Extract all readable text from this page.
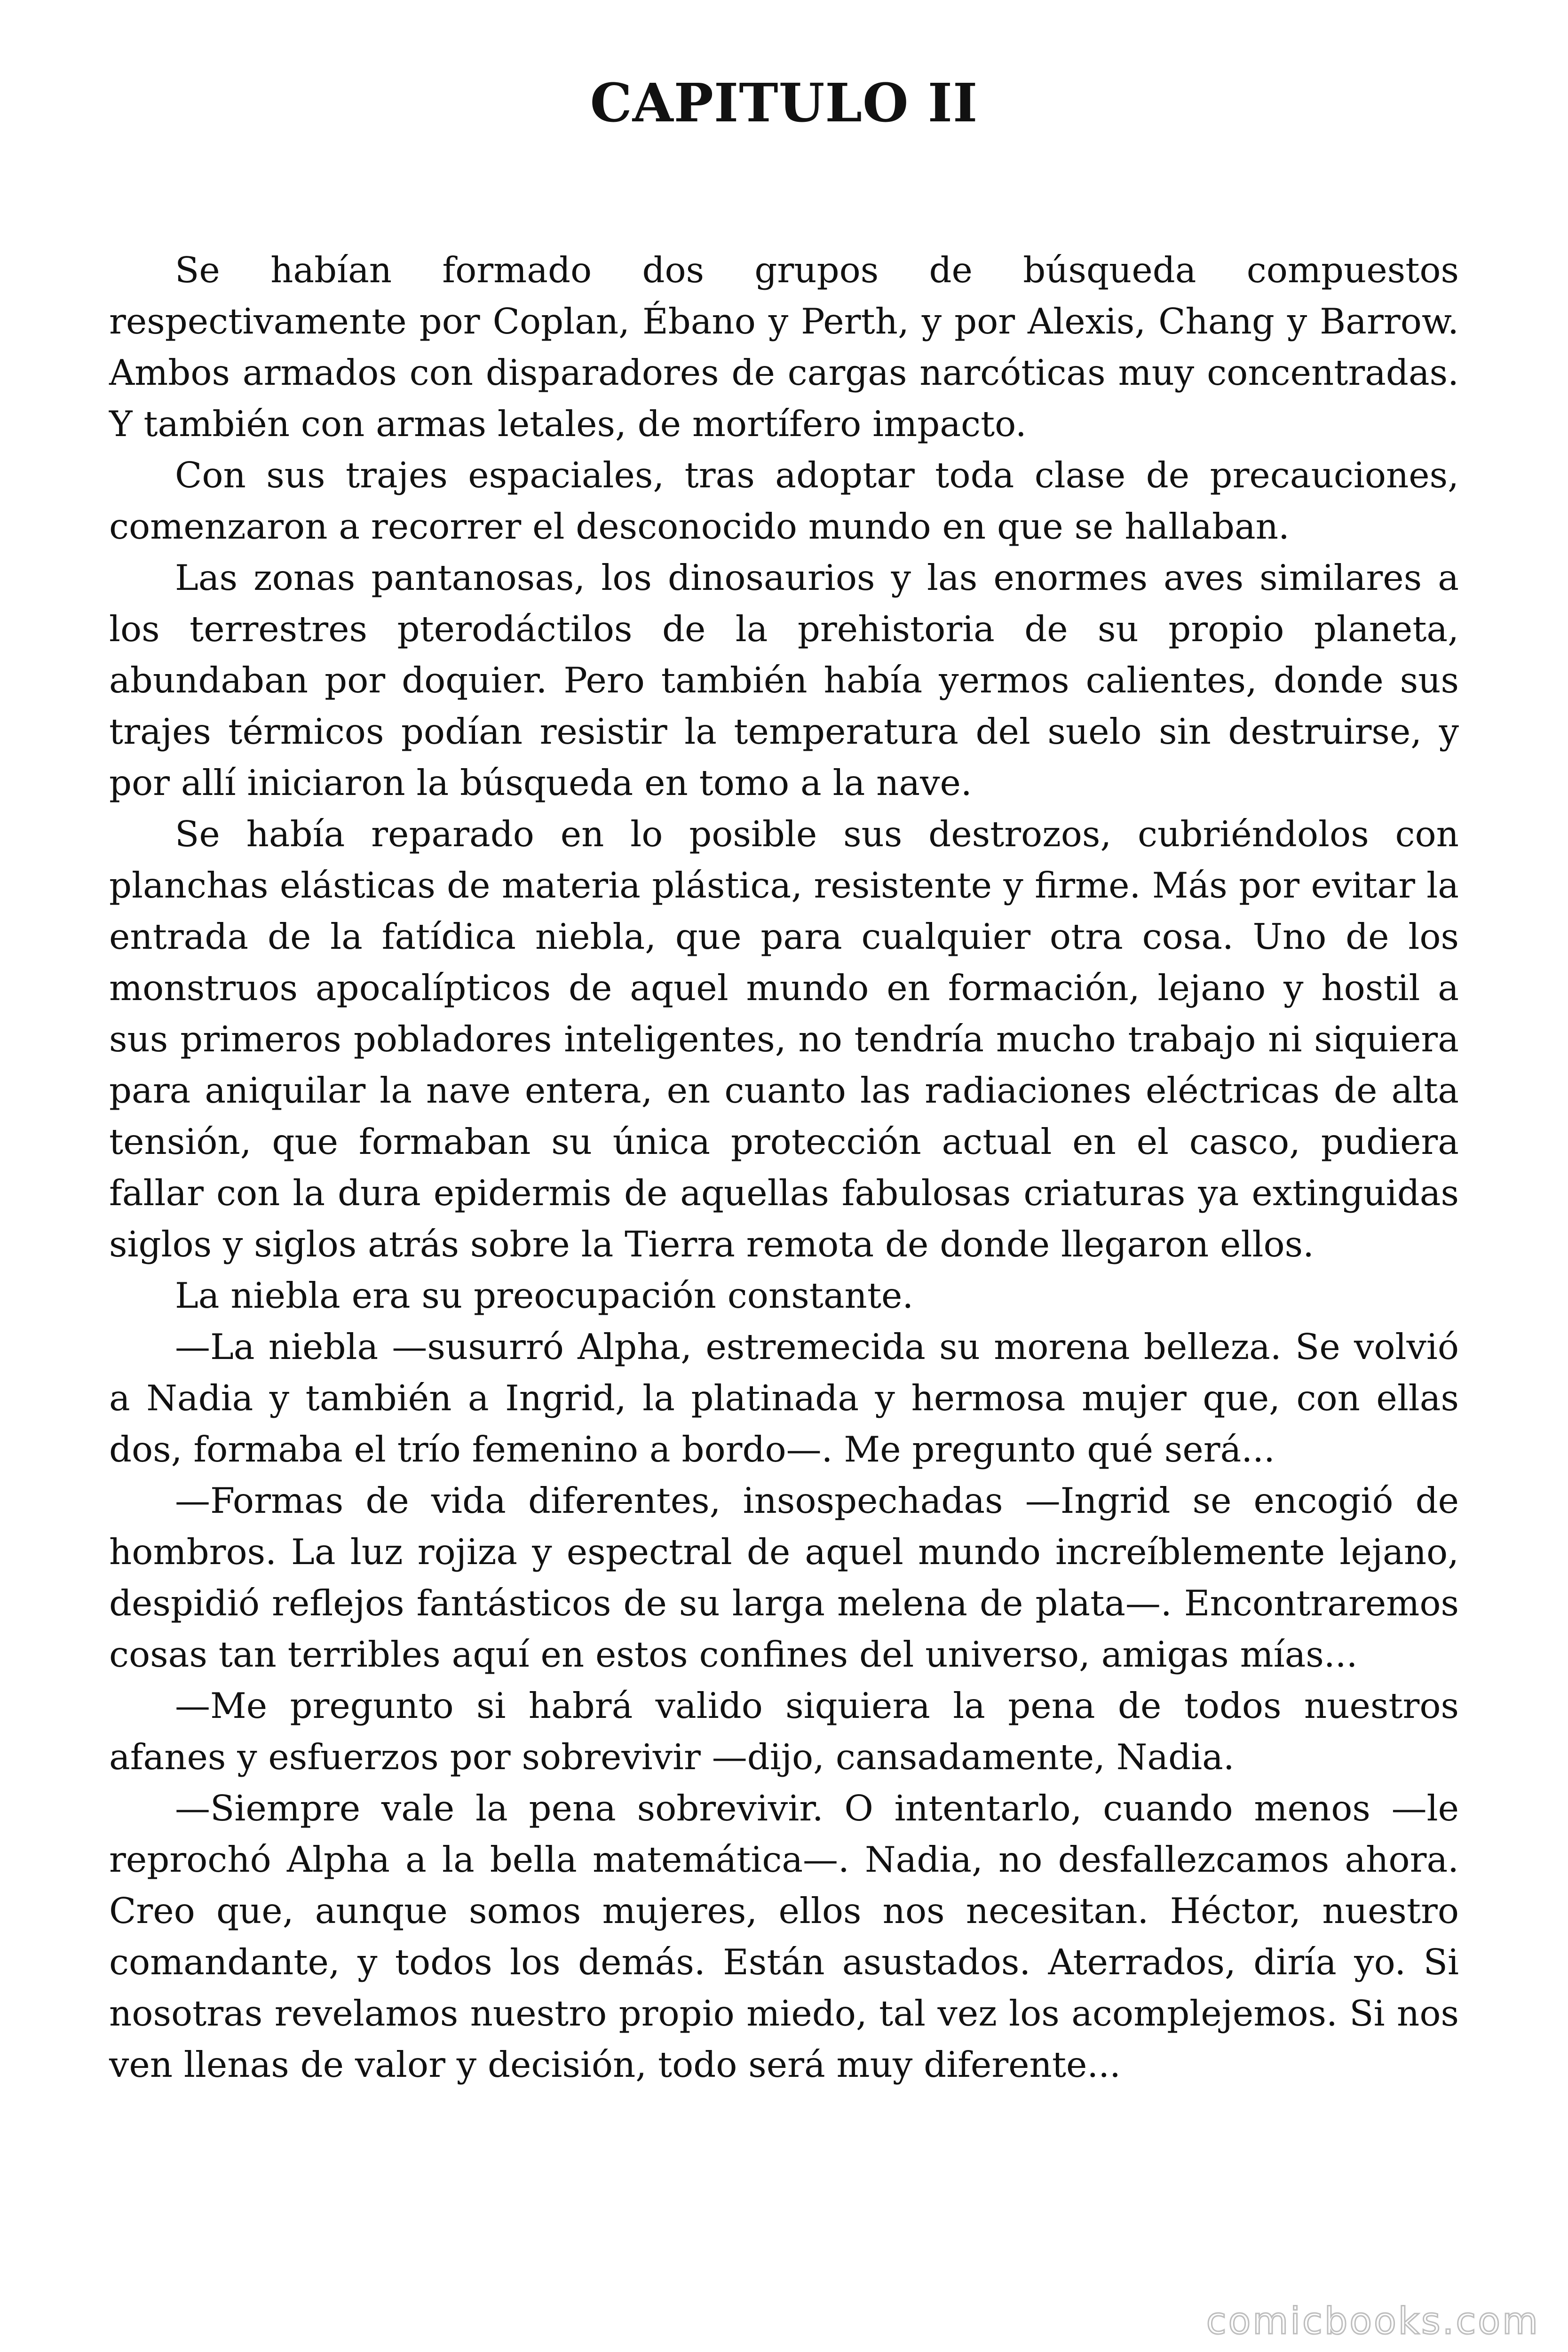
CAPITULO II

Se habían formado dos grupos de búsqueda compuestos respectivamente por Coplan, Ébano y Perth, y por Alexis, Chang y Barrow. Ambos armados con disparadores de cargas narcóticas muy concentradas. Y también con armas letales, de mortífero impacto.

Con sus trajes espaciales, tras adoptar toda clase de precauciones, comenzaron a recorrer el desconocido mundo en que se hallaban.

Las zonas pantanosas, los dinosaurios y las enormes aves similares a los terrestres pterodáctilos de la prehistoria de su propio planeta, abundaban por doquier. Pero también había yermos calientes, donde sus trajes térmicos podían resistir la temperatura del suelo sin destruirse, y por allí iniciaron la búsqueda en tomo a la nave.

Se había reparado en lo posible sus destrozos, cubriéndolos con planchas elásticas de materia plástica, resistente y firme. Más por evitar la entrada de la fatídica niebla, que para cualquier otra cosa. Uno de los monstruos apocalípticos de aquel mundo en formación, lejano y hostil a sus primeros pobladores inteligentes, no tendría mucho trabajo ni siquiera para aniquilar la nave entera, en cuanto las radiaciones eléctricas de alta tensión, que formaban su única protección actual en el casco, pudiera fallar con la dura epidermis de aquellas fabulosas criaturas ya extinguidas siglos y siglos atrás sobre la Tierra remota de donde llegaron ellos.

La niebla era su preocupación constante.

—La niebla —susurró Alpha, estremecida su morena belleza. Se volvió a Nadia y también a Ingrid, la platinada y hermosa mujer que, con ellas dos, formaba el trío femenino a bordo—. Me pregunto qué será...

—Formas de vida diferentes, insospechadas —Ingrid se encogió de hombros. La luz rojiza y espectral de aquel mundo increíblemente lejano, despidió reflejos fantásticos de su larga melena de plata—. Encontraremos cosas tan terribles aquí en estos confines del universo, amigas mías...

—Me pregunto si habrá valido siquiera la pena de todos nuestros afanes y esfuerzos por sobrevivir —dijo, cansadamente, Nadia.

—Siempre vale la pena sobrevivir. O intentarlo, cuando menos —le reprochó Alpha a la bella matemática—. Nadia, no desfallezcamos ahora. Creo que, aunque somos mujeres, ellos nos necesitan. Héctor, nuestro comandante, y todos los demás. Están asustados. Aterrados, diría yo. Si nosotras revelamos nuestro propio miedo, tal vez los acomplejemos. Si nos ven llenas de valor y decisión, todo será muy diferente...

comicbooks.com
